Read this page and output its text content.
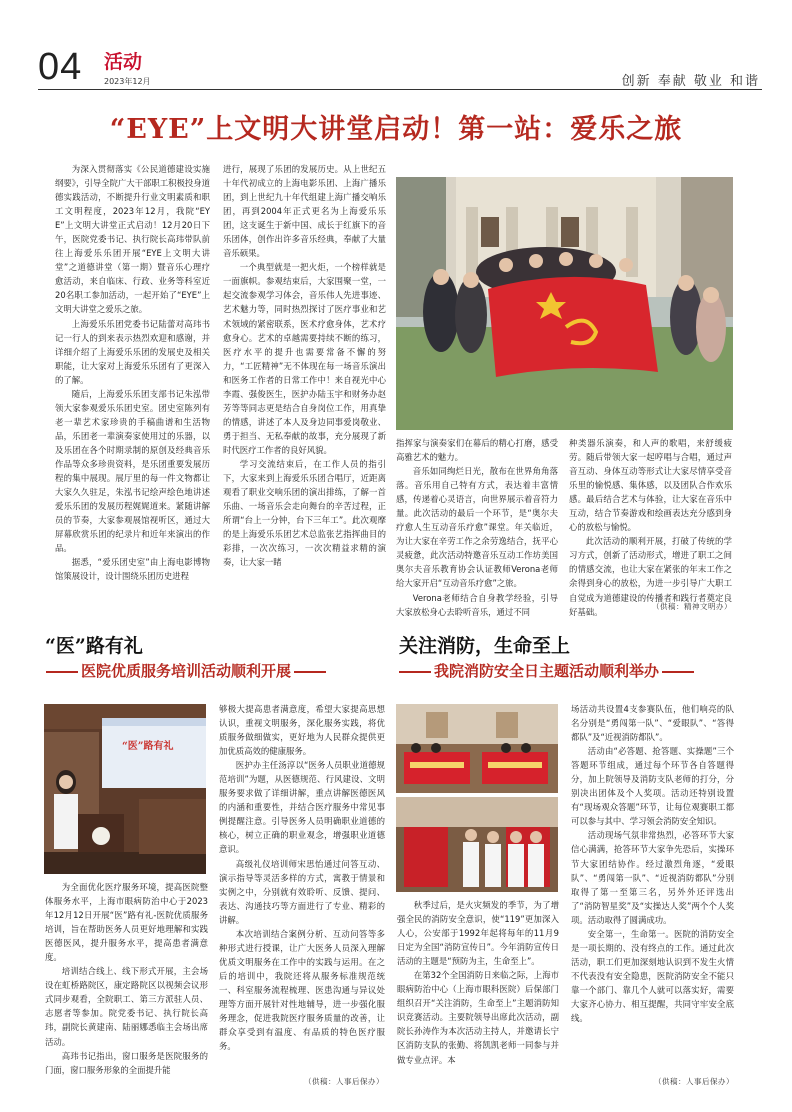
04 活动
2023年12月	创新 奉献 敬业 和谐
“EYE”上文明大讲堂启动！第一站：爱乐之旅

为深入贯彻落实《公民道德建设实施纲要》，引导全院广大干部职工积极投身道德实践活动，不断提升行业文明素质和职工文明程度，2023年12月，我院“EYE”上文明大讲堂正式启动！12月20日下午，医院党委书记、执行院长高玮带队前往上海爱乐乐团开展“EYE上文明大讲堂”之道德讲堂（第一期）暨音乐心理疗愈活动，来自临床、行政、业务等科室近20名职工参加活动，一起开始了“EYE”上文明大讲堂之爱乐之旅。

上海爱乐乐团党委书记陆蕾对高玮书记一行人的到来表示热烈欢迎和感谢，并详细介绍了上海爱乐乐团的发展史及相关职能，让大家对上海爱乐乐团有了更深入的了解。

随后，上海爱乐乐团支部书记朱泓带领大家参观爱乐乐团史室。团史室陈列有老一辈艺术家珍贵的手稿曲谱和生活物品，乐团老一辈演奏家使用过的乐器，以及乐团在各个时期录制的原创及经典音乐作品等众多珍贵资料，是乐团重要发展历程的集中展现。展厅里的每一件文物都让大家久久驻足，朱泓书记绘声绘色地讲述爱乐乐团的发展历程娓娓道来。紧随讲解员的节奏，大家参观展馆视听区，通过大屏幕欣赏乐团的纪录片和近年来演出的作品。

据悉，“爱乐团史室”由上海电影博物馆策展设计，设计围绕乐团历史进程

进行，展现了乐团的发展历史。从上世纪五十年代初成立的上海电影乐团、上海广播乐团，到上世纪九十年代组建上海广播交响乐团，再到2004年正式更名为上海爱乐乐团，这支诞生于新中国、成长于红旗下的音乐团体，创作出许多音乐经典，奉献了大量音乐硕果。

一个典型就是一把火炬，一个榜样就是一面旗帜。参观结束后，大家围聚一堂，一起交流参观学习体会，音乐伟人先进事迹、艺术魅力等，同时热烈探讨了医疗事业和艺术领域的紧密联系，医术疗愈身体，艺术疗愈身心。艺术的卓越需要持续不断的练习，医疗水平的提升也需要常备不懈的努力，“工匠精神”无不体现在每一场音乐演出和医务工作者的日常工作中！来自视光中心李霞、强俊医生，医护办陆玉宇和财务办赵芳等等同志更是结合自身岗位工作，用真挚的情感，讲述了本人及身边同事爱岗敬业、勇于担当、无私奉献的故事，充分展现了新时代医疗工作者的良好风貌。

学习交流结束后，在工作人员的指引下，大家来到上海爱乐乐团合唱厅，近距离观看了职业交响乐团的演出排练，了解一首乐曲、一场音乐会走向舞台的辛苦过程，正所谓“台上一分钟，台下三年工”。此次观摩的是上海爱乐乐团艺术总监张艺指挥曲目的彩排，一次次练习，一次次精益求精的演奏，让大家一睹

指挥家与演奏家们在幕后的精心打磨，感受高雅艺术的魅力。

音乐如同绚烂日光，散布在世界角角落落。音乐用自己特有方式，表达着丰富情感，传递着心灵语言，向世界展示着音符力量。此次活动的最后一个环节，是“奥尔夫疗愈人生互动音乐疗愈”课堂。年关临近，为让大家在辛劳工作之余劳逸结合，抚平心灵疲惫，此次活动特邀音乐互动工作坊美国奥尔夫音乐教育协会认证教师Verona老师给大家开启“互动音乐疗愈”之旅。

Verona老师结合自身教学经验，引导大家放松身心去聆听音乐，通过不同

种类器乐演奏，和人声的歌唱，来舒缓疲劳。随后带领大家一起哼唱与合唱，通过声音互动、身体互动等形式让大家尽情享受音乐里的愉悦感、集体感，以及团队合作欢乐感。最后结合艺术与体验，让大家在音乐中互动，结合节奏游戏和绘画表达充分感到身心的放松与愉悦。

此次活动的顺利开展，打破了传统的学习方式，创新了活动形式，增进了职工之间的情感交流，也让大家在紧张的年末工作之余得到身心的放松，为进一步引导广大职工自觉成为道德建设的传播者和践行者奠定良好基础。

（供稿：精神文明办）
“医”路有礼
医院优质服务培训活动顺利开展
“医”路有礼

为全面优化医疗服务环境，提高医院整体服务水平，上海市眼病防治中心于2023年12月12日开展“医”路有礼-医院优质服务培训，旨在帮助医务人员更好地理解和实践医德医风，提升服务水平，提高患者满意度。

培训结合线上、线下形式开展，主会场设在虹桥路院区，康定路院区以视频会议形式同步观看，全院职工、第三方派驻人员、志愿者等参加。院党委书记、执行院长高玮，副院长黄建南、陆丽娜悉临主会场出席活动。

高玮书记指出，窗口服务是医院服务的门面，窗口服务形象的全面提升能

够极大提高患者满意度，希望大家提高思想认识，重视文明服务，深化服务实践，将优质服务做细做实，更好地为人民群众提供更加优质高效的健康服务。

医护办主任汤淳以“医务人员职业道德规范培训”为题，从医德规范、行风建设、文明服务要求做了详细讲解，重点讲解医德医风的内涵和重要性，并结合医疗服务中常见事例提醒注意。引导医务人员明确职业道德的核心，树立正确的职业观念，增强职业道德意识。

高级礼仪培训师宋思怡通过问答互动、演示指导等灵活多样的方式，寓教于情景和实例之中，分别就有效聆听、反馈、提问、表达、沟通技巧等方面进行了专业、精彩的讲解。

本次培训结合案例分析、互动问答等多种形式进行授课，让广大医务人员深入理解优质文明服务在工作中的实践与运用。在之后的培训中，我院还将从服务标准规范统一、科室服务流程梳理、医患沟通与异议处理等方面开展针对性地辅导，进一步强化服务理念，促进我院医疗服务质量的改善，让群众享受到有温度、有品质的特色医疗服务。

（供稿：人事后保办）
关注消防，生命至上
我院消防安全日主题活动顺利举办

秋季过后，是火灾频发的季节，为了增强全民的消防安全意识，使“119”更加深入人心，公安部于1992年起将每年的11月9日定为全国“消防宣传日”。今年消防宣传日活动的主题是“预防为主，生命至上”。

在第32个全国消防日来临之际，上海市眼病防治中心（上海市眼科医院）后保部门组织召开“关注消防，生命至上”主题消防知识竞赛活动。主要院领导出席此次活动，副院长孙涛作为本次活动主持人，并邀请长宁区消防支队的张勤、将凯凯老师一同参与并做专业点评。本

场活动共设置4支参赛队伍，他们响亮的队名分别是“勇闯第一队”、“爱眼队”、“答得都队”及“近视消防都队”。

活动由“必答题、抢答题、实操题”三个答题环节组成，通过每个环节各自答题得分，加上院领导及消防支队老师的打分，分别决出团体及个人奖项。活动还特别设置有“现场观众答题”环节，让每位观赛职工都可以参与其中、学习领会消防安全知识。

活动现场气氛非常热烈，必答环节大家信心满满，抢答环节大家争先恐后，实操环节大家团结协作。经过激烈角逐，“爱眼队”、“勇闯第一队”、“近视消防都队”分别取得了第一至第三名，另外外还评选出了“消防智星奖”及“实操达人奖”两个个人奖项。活动取得了圆满成功。

安全第一，生命第一。医院的消防安全是一项长期的、没有终点的工作。通过此次活动，职工们更加深刻地认识到不发生火情不代表没有安全隐患，医院消防安全不能只靠一个部门、靠几个人就可以落实好，需要大家齐心协力、相互提醒，共同守牢安全底线。

（供稿：人事后保办）
